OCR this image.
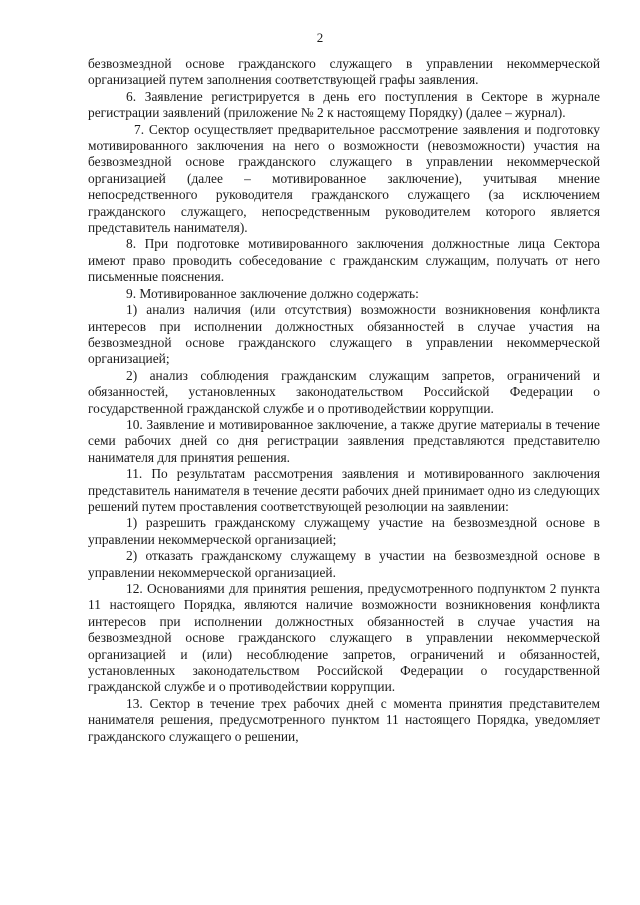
2

безвозмездной основе гражданского служащего в управлении некоммерческой организацией путем заполнения соответствующей графы заявления.

6. Заявление регистрируется в день его поступления в Секторе в журнале регистрации заявлений (приложение № 2 к настоящему Порядку) (далее – журнал).

7. Сектор осуществляет предварительное рассмотрение заявления и подготовку мотивированного заключения на него о возможности (невозможности) участия на безвозмездной основе гражданского служащего в управлении некоммерческой организацией (далее – мотивированное заключение), учитывая мнение непосредственного руководителя гражданского служащего (за исключением гражданского служащего, непосредственным руководителем которого является представитель нанимателя).

8. При подготовке мотивированного заключения должностные лица Сектора имеют право проводить собеседование с гражданским служащим, получать от него письменные пояснения.

9. Мотивированное заключение должно содержать:

1) анализ наличия (или отсутствия) возможности возникновения конфликта интересов при исполнении должностных обязанностей в случае участия на безвозмездной основе гражданского служащего в управлении некоммерческой организацией;

2) анализ соблюдения гражданским служащим запретов, ограничений и обязанностей, установленных законодательством Российской Федерации о государственной гражданской службе и о противодействии коррупции.

10. Заявление и мотивированное заключение, а также другие материалы в течение семи рабочих дней со дня регистрации заявления представляются представителю нанимателя для принятия решения.

11. По результатам рассмотрения заявления и мотивированного заключения представитель нанимателя в течение десяти рабочих дней принимает одно из следующих решений путем проставления соответствующей резолюции на заявлении:

1) разрешить гражданскому служащему участие на безвозмездной основе в управлении некоммерческой организацией;

2) отказать гражданскому служащему в участии на безвозмездной основе в управлении некоммерческой организацией.

12. Основаниями для принятия решения, предусмотренного подпунктом 2 пункта 11 настоящего Порядка, являются наличие возможности возникновения конфликта интересов при исполнении должностных обязанностей в случае участия на безвозмездной основе гражданского служащего в управлении некоммерческой организацией и (или) несоблюдение запретов, ограничений и обязанностей, установленных законодательством Российской Федерации о государственной гражданской службе и о противодействии коррупции.

13. Сектор в течение трех рабочих дней с момента принятия представителем нанимателя решения, предусмотренного пунктом 11 настоящего Порядка, уведомляет гражданского служащего о решении,
